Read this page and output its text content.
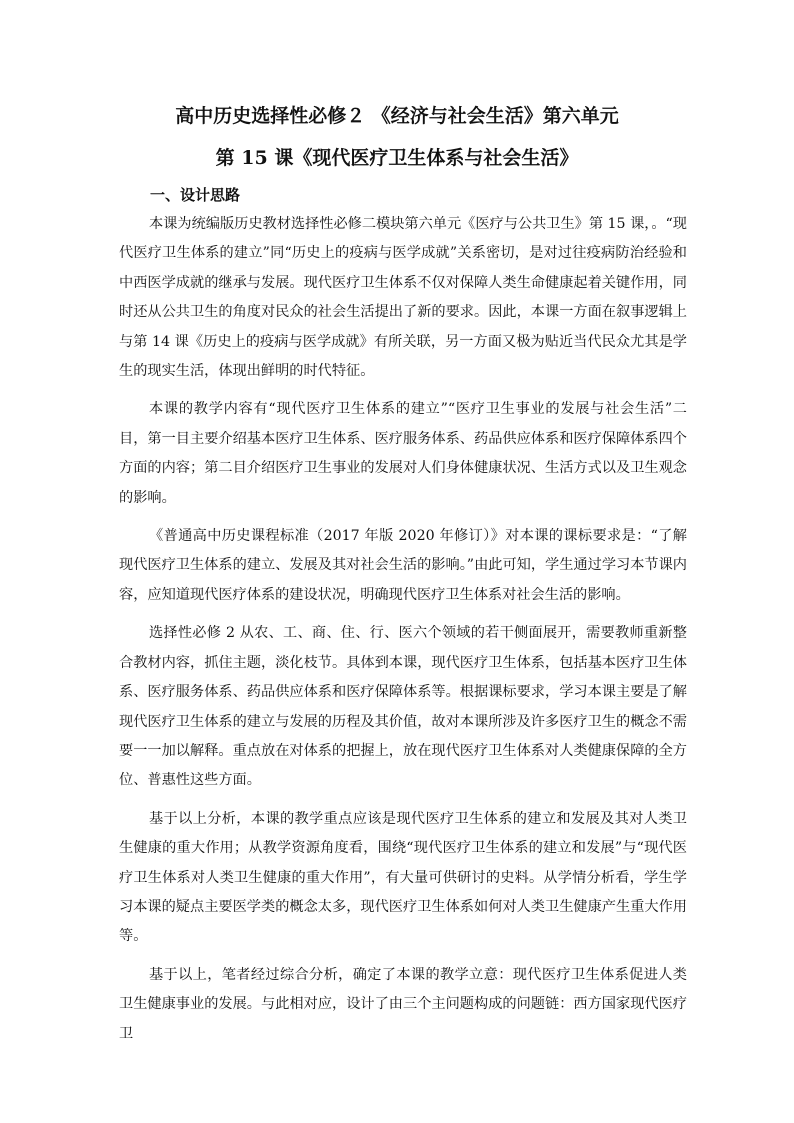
高中历史选择性必修２ 《经济与社会生活》第六单元
第 15 课《现代医疗卫生体系与社会生活》
一、设计思路

本课为统编版历史教材选择性必修二模块第六单元《医疗与公共卫生》第 15 课，。“现代医疗卫生体系的建立”同“历史上的疫病与医学成就”关系密切，是对过往疫病防治经验和中西医学成就的继承与发展。现代医疗卫生体系不仅对保障人类生命健康起着关键作用，同时还从公共卫生的角度对民众的社会生活提出了新的要求。因此，本课一方面在叙事逻辑上与第 14 课《历史上的疫病与医学成就》有所关联，另一方面又极为贴近当代民众尤其是学生的现实生活，体现出鲜明的时代特征。

本课的教学内容有“现代医疗卫生体系的建立”“医疗卫生事业的发展与社会生活”二目，第一目主要介绍基本医疗卫生体系、医疗服务体系、药品供应体系和医疗保障体系四个方面的内容；第二目介绍医疗卫生事业的发展对人们身体健康状况、生活方式以及卫生观念的影响。

《普通高中历史课程标准（2017 年版 2020 年修订）》对本课的课标要求是：“了解现代医疗卫生体系的建立、发展及其对社会生活的影响。”由此可知，学生通过学习本节课内容，应知道现代医疗体系的建设状况，明确现代医疗卫生体系对社会生活的影响。

选择性必修 2 从农、工、商、住、行、医六个领域的若干侧面展开，需要教师重新整合教材内容，抓住主题，淡化枝节。具体到本课，现代医疗卫生体系，包括基本医疗卫生体系、医疗服务体系、药品供应体系和医疗保障体系等。根据课标要求，学习本课主要是了解现代医疗卫生体系的建立与发展的历程及其价值，故对本课所涉及许多医疗卫生的概念不需要一一加以解释。重点放在对体系的把握上，放在现代医疗卫生体系对人类健康保障的全方位、普惠性这些方面。

基于以上分析，本课的教学重点应该是现代医疗卫生体系的建立和发展及其对人类卫生健康的重大作用；从教学资源角度看，围绕“现代医疗卫生体系的建立和发展”与“现代医疗卫生体系对人类卫生健康的重大作用”，有大量可供研讨的史料。从学情分析看，学生学习本课的疑点主要医学类的概念太多，现代医疗卫生体系如何对人类卫生健康产生重大作用等。

基于以上，笔者经过综合分析，确定了本课的教学立意：现代医疗卫生体系促进人类卫生健康事业的发展。与此相对应，设计了由三个主问题构成的问题链：西方国家现代医疗卫
